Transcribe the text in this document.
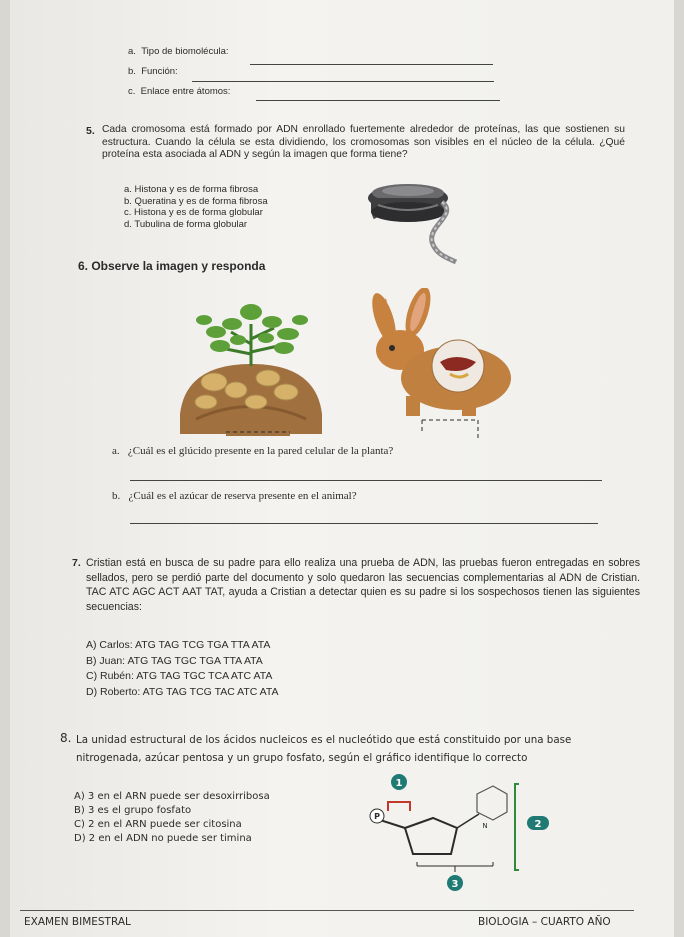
a. Tipo de biomolécula:
b. Función:
c. Enlace entre átomos:
5. Cada cromosoma está formado por ADN enrollado fuertemente alrededor de proteínas, las que sostienen su estructura. Cuando la célula se esta dividiendo, los cromosomas son visibles en el núcleo de la célula. ¿Qué proteína esta asociada al ADN y según la imagen que forma tiene?
a. Histona y es de forma fibrosa
b. Queratina y es de forma fibrosa
c. Histona y es de forma globular
d. Tubulina de forma globular
6. Observe la imagen y responda
a. ¿Cuál es el glúcido presente en la pared celular de la planta?
b. ¿Cuál es el azúcar de reserva presente en el animal?
7. Cristian está en busca de su padre para ello realiza una prueba de ADN, las pruebas fueron entregadas en sobres sellados, pero se perdió parte del documento y solo quedaron las secuencias complementarias al ADN de Cristian. TAC ATC AGC ACT AAT TAT, ayuda a Cristian a detectar quien es su padre si los sospechosos tienen las siguientes secuencias:
A) Carlos: ATG TAG TCG TGA TTA ATA
B) Juan: ATG TAG TGC TGA TTA ATA
C) Rubén: ATG TAG TGC TCA ATC ATA
D) Roberto: ATG TAG TCG TAC ATC ATA
8. La unidad estructural de los ácidos nucleicos es el nucleótido que está constituido por una base nitrogenada, azúcar pentosa y un grupo fosfato, según el gráfico identifique lo correcto
A) 3 en el ARN puede ser desoxirribosa
B) 3 es el grupo fosfato
C) 2 en el ARN puede ser citosina
D) 2 en el ADN no puede ser timina
1
P
N	2
3
EXAMEN BIMESTRAL	BIOLOGIA – CUARTO AÑO
